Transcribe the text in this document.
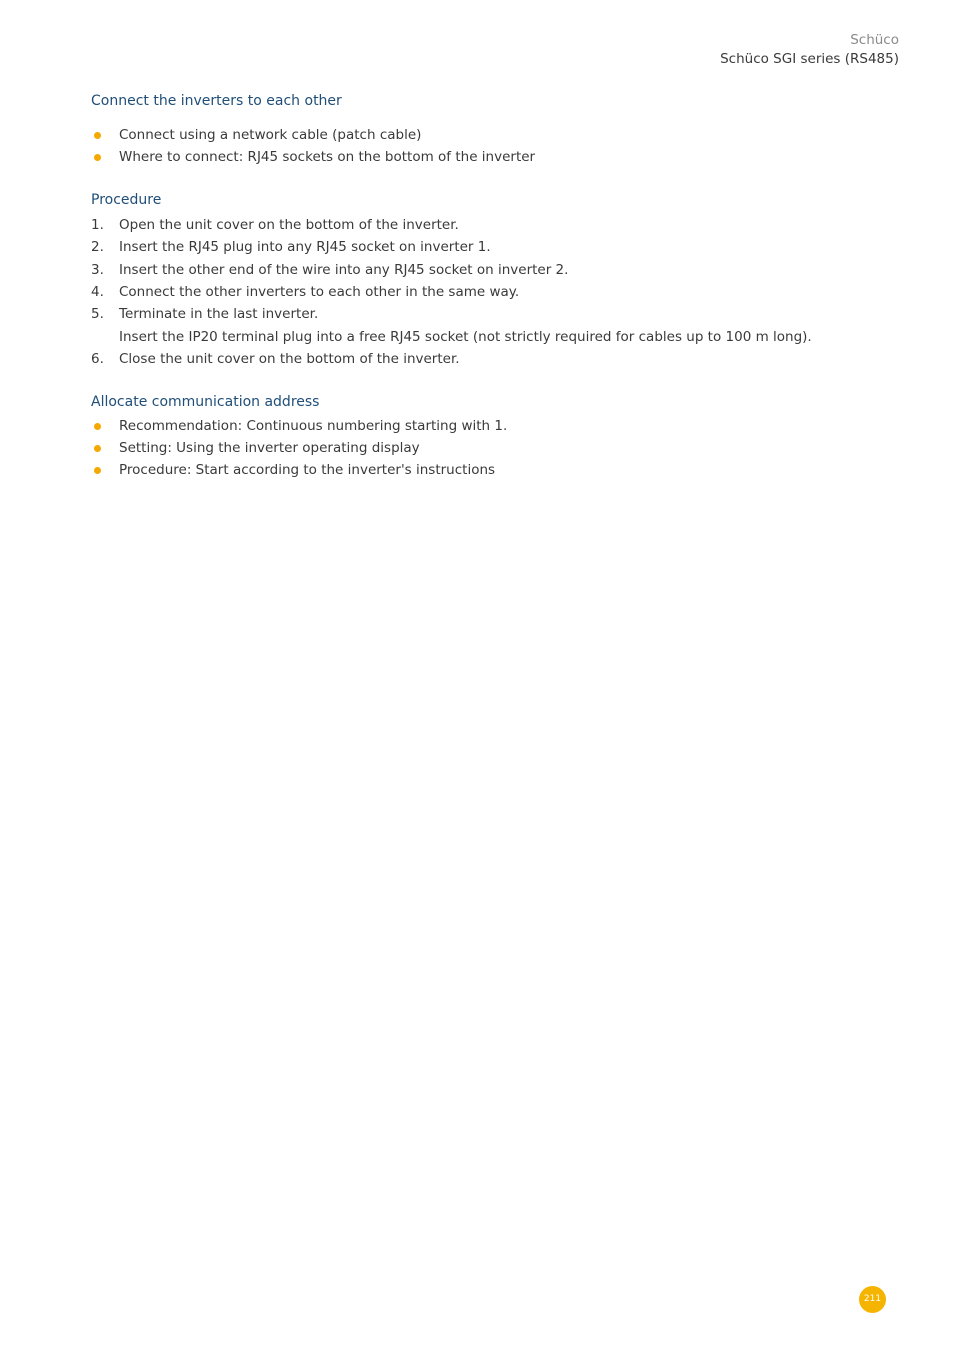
Schüco
Schüco SGI series (RS485)
Connect the inverters to each other
Connect using a network cable (patch cable)
Where to connect: RJ45 sockets on the bottom of the inverter
Procedure
1. Open the unit cover on the bottom of the inverter.
2. Insert the RJ45 plug into any RJ45 socket on inverter 1.
3. Insert the other end of the wire into any RJ45 socket on inverter 2.
4. Connect the other inverters to each other in the same way.
5. Terminate in the last inverter.
Insert the IP20 terminal plug into a free RJ45 socket (not strictly required for cables up to 100 m long).
6. Close the unit cover on the bottom of the inverter.
Allocate communication address
Recommendation: Continuous numbering starting with 1.
Setting: Using the inverter operating display
Procedure: Start according to the inverter's instructions
211
